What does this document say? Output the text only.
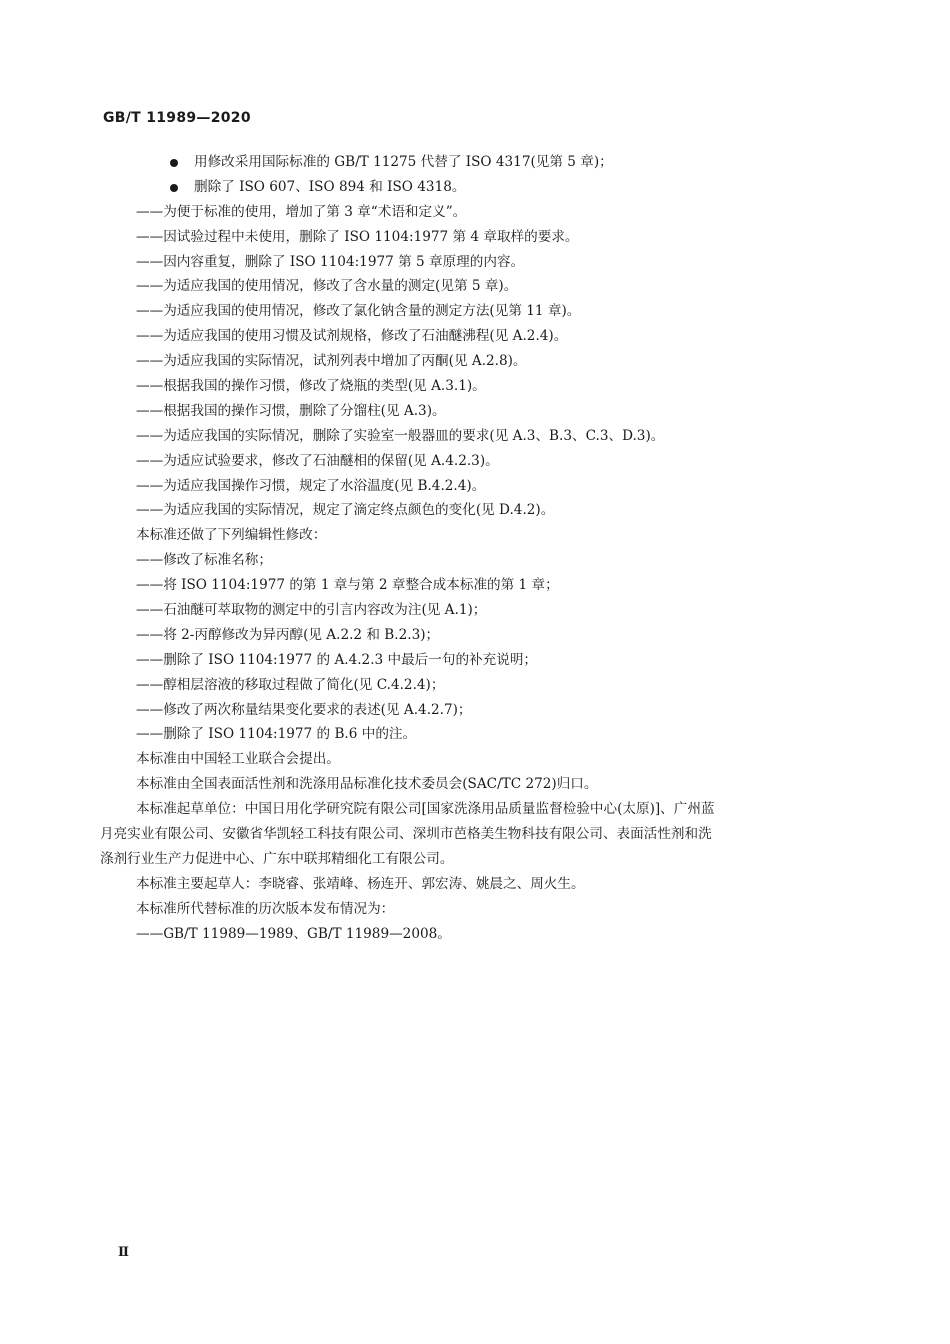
GB/T 11989—2020
用修改采用国际标准的 GB/T 11275 代替了 ISO 4317(见第 5 章)；
删除了 ISO 607、ISO 894 和 ISO 4318。
——为便于标准的使用，增加了第 3 章“术语和定义”。
——因试验过程中未使用，删除了 ISO 1104:1977 第 4 章取样的要求。
——因内容重复，删除了 ISO 1104:1977 第 5 章原理的内容。
——为适应我国的使用情况，修改了含水量的测定(见第 5 章)。
——为适应我国的使用情况，修改了氯化钠含量的测定方法(见第 11 章)。
——为适应我国的使用习惯及试剂规格，修改了石油醚沸程(见 A.2.4)。
——为适应我国的实际情况，试剂列表中增加了丙酮(见 A.2.8)。
——根据我国的操作习惯，修改了烧瓶的类型(见 A.3.1)。
——根据我国的操作习惯，删除了分馏柱(见 A.3)。
——为适应我国的实际情况，删除了实验室一般器皿的要求(见 A.3、B.3、C.3、D.3)。
——为适应试验要求，修改了石油醚相的保留(见 A.4.2.3)。
——为适应我国操作习惯，规定了水浴温度(见 B.4.2.4)。
——为适应我国的实际情况，规定了滴定终点颜色的变化(见 D.4.2)。
本标准还做了下列编辑性修改：
——修改了标准名称；
——将 ISO 1104:1977 的第 1 章与第 2 章整合成本标准的第 1 章；
——石油醚可萃取物的测定中的引言内容改为注(见 A.1)；
——将 2-丙醇修改为异丙醇(见 A.2.2 和 B.2.3)；
——删除了 ISO 1104:1977 的 A.4.2.3 中最后一句的补充说明；
——醇相层溶液的移取过程做了简化(见 C.4.2.4)；
——修改了两次称量结果变化要求的表述(见 A.4.2.7)；
——删除了 ISO 1104:1977 的 B.6 中的注。
本标准由中国轻工业联合会提出。
本标准由全国表面活性剂和洗涤用品标准化技术委员会(SAC/TC 272)归口。
本标准起草单位：中国日用化学研究院有限公司[国家洗涤用品质量监督检验中心(太原)]、广州蓝
月亮实业有限公司、安徽省华凯轻工科技有限公司、深圳市芭格美生物科技有限公司、表面活性剂和洗
涤剂行业生产力促进中心、广东中联邦精细化工有限公司。
本标准主要起草人：李晓睿、张靖峰、杨连开、郭宏涛、姚晨之、周火生。
本标准所代替标准的历次版本发布情况为：
——GB/T 11989—1989、GB/T 11989—2008。
Ⅱ
